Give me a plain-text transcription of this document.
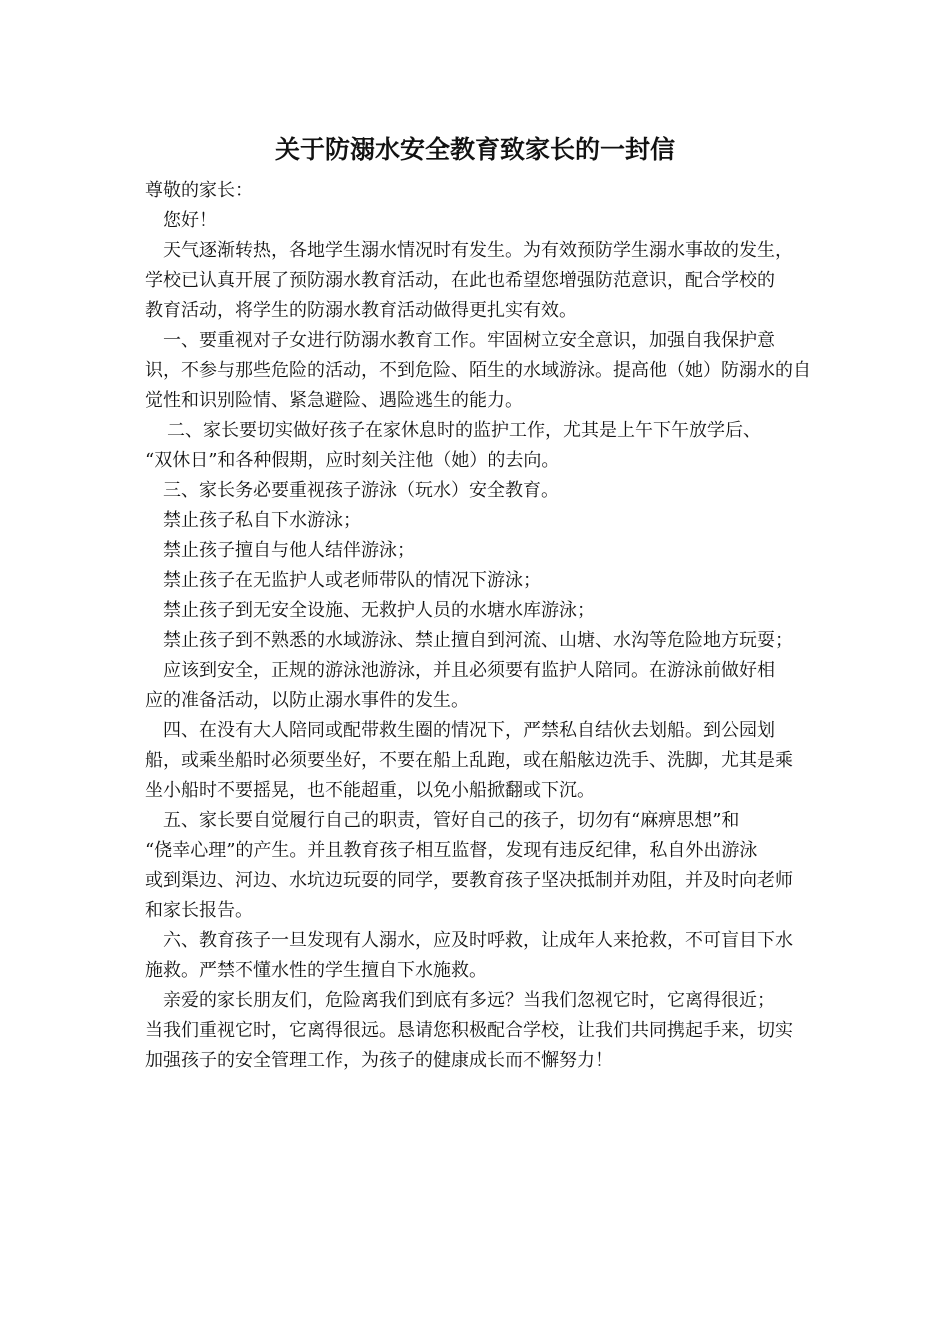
关于防溺水安全教育致家长的一封信
尊敬的家长：
您好！
天气逐渐转热，各地学生溺水情况时有发生。为有效预防学生溺水事故的发生，
学校已认真开展了预防溺水教育活动，在此也希望您增强防范意识，配合学校的
教育活动，将学生的防溺水教育活动做得更扎实有效。
一、要重视对子女进行防溺水教育工作。牢固树立安全意识，加强自我保护意
识，不参与那些危险的活动，不到危险、陌生的水域游泳。提高他（她）防溺水的自
觉性和识别险情、紧急避险、遇险逃生的能力。
二、家长要切实做好孩子在家休息时的监护工作，尤其是上午下午放学后、
“双休日”和各种假期，应时刻关注他（她）的去向。
三、家长务必要重视孩子游泳（玩水）安全教育。
禁止孩子私自下水游泳；
禁止孩子擅自与他人结伴游泳；
禁止孩子在无监护人或老师带队的情况下游泳；
禁止孩子到无安全设施、无救护人员的水塘水库游泳；
禁止孩子到不熟悉的水域游泳、禁止擅自到河流、山塘、水沟等危险地方玩耍；
应该到安全，正规的游泳池游泳，并且必须要有监护人陪同。在游泳前做好相
应的准备活动，以防止溺水事件的发生。
四、在没有大人陪同或配带救生圈的情况下，严禁私自结伙去划船。到公园划
船，或乘坐船时必须要坐好，不要在船上乱跑，或在船舷边洗手、洗脚，尤其是乘
坐小船时不要摇晃，也不能超重，以免小船掀翻或下沉。
五、家长要自觉履行自己的职责，管好自己的孩子，切勿有“麻痹思想”和
“侥幸心理”的产生。并且教育孩子相互监督，发现有违反纪律，私自外出游泳
或到渠边、河边、水坑边玩耍的同学，要教育孩子坚决抵制并劝阻，并及时向老师
和家长报告。
六、教育孩子一旦发现有人溺水，应及时呼救，让成年人来抢救，不可盲目下水
施救。严禁不懂水性的学生擅自下水施救。
亲爱的家长朋友们，危险离我们到底有多远？当我们忽视它时，它离得很近；
当我们重视它时，它离得很远。恳请您积极配合学校，让我们共同携起手来，切实
加强孩子的安全管理工作，为孩子的健康成长而不懈努力！
